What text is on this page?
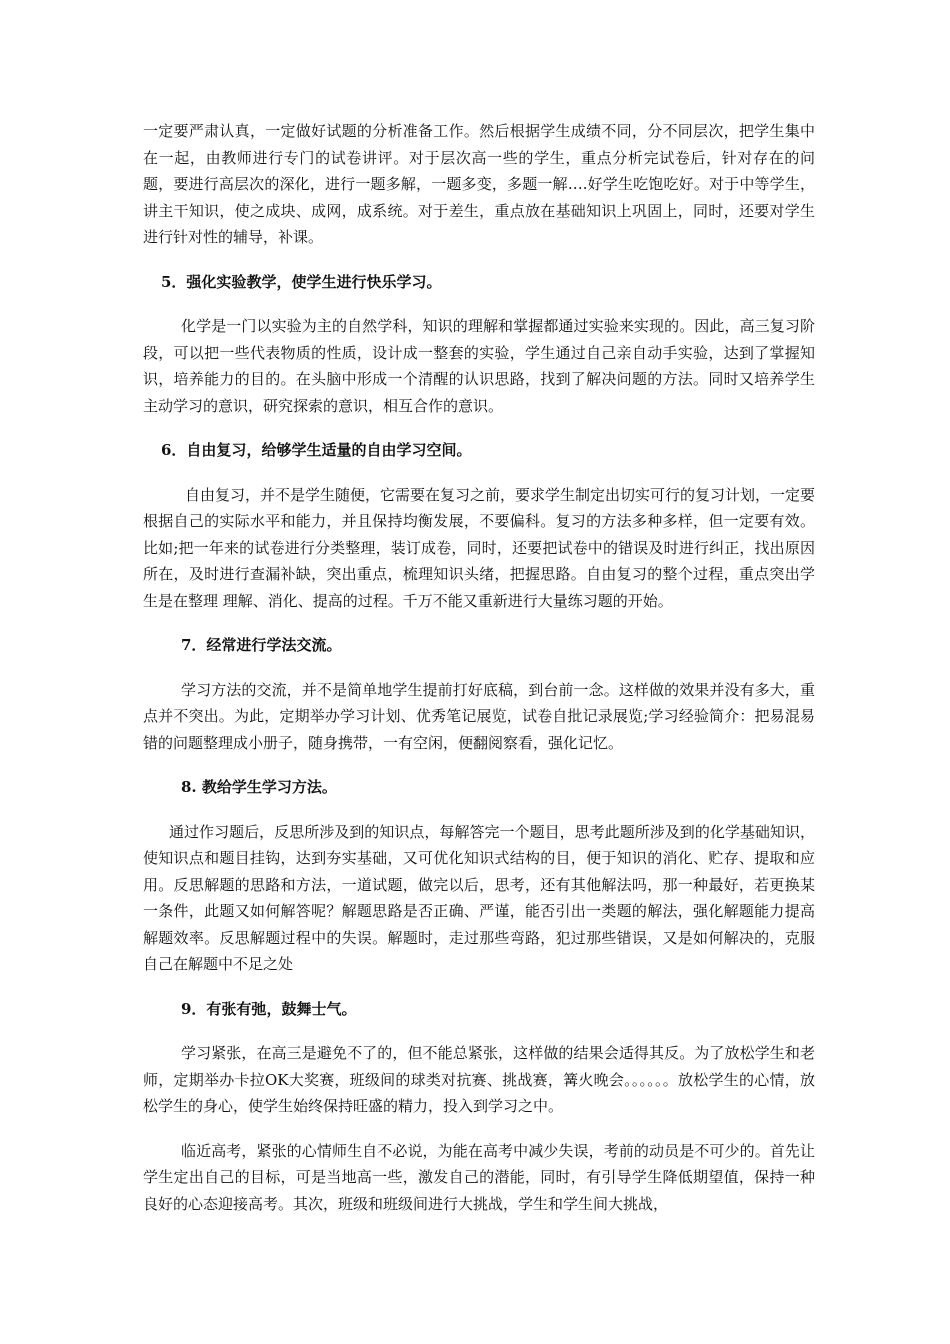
一定要严肃认真，一定做好试题的分析准备工作。然后根据学生成绩不同，分不同层次，把学生集中在一起，由教师进行专门的试卷讲评。对于层次高一些的学生，重点分析完试卷后，针对存在的问题，要进行高层次的深化，进行一题多解，一题多变，多题一解….好学生吃饱吃好。对于中等学生，讲主干知识，使之成块、成网，成系统。对于差生，重点放在基础知识上巩固上，同时，还要对学生进行针对性的辅导，补课。

5．强化实验教学，使学生进行快乐学习。

化学是一门以实验为主的自然学科，知识的理解和掌握都通过实验来实现的。因此，高三复习阶段，可以把一些代表物质的性质，设计成一整套的实验，学生通过自己亲自动手实验，达到了掌握知识，培养能力的目的。在头脑中形成一个清醒的认识思路，找到了解决问题的方法。同时又培养学生主动学习的意识，研究探索的意识，相互合作的意识。

6．自由复习，给够学生适量的自由学习空间。

自由复习，并不是学生随便，它需要在复习之前，要求学生制定出切实可行的复习计划，一定要根据自己的实际水平和能力，并且保持均衡发展，不要偏科。复习的方法多种多样，但一定要有效。比如;把一年来的试卷进行分类整理，装订成卷，同时，还要把试卷中的错误及时进行纠正，找出原因所在，及时进行查漏补缺，突出重点，梳理知识头绪，把握思路。自由复习的整个过程，重点突出学生是在整理 理解、消化、提高的过程。千万不能又重新进行大量练习题的开始。

7．经常进行学法交流。

学习方法的交流，并不是简单地学生提前打好底稿，到台前一念。这样做的效果并没有多大，重点并不突出。为此，定期举办学习计划、优秀笔记展览，试卷自批记录展览;学习经验简介：把易混易错的问题整理成小册子，随身携带，一有空闲，便翻阅察看，强化记忆。

8. 教给学生学习方法。

通过作习题后，反思所涉及到的知识点，每解答完一个题目，思考此题所涉及到的化学基础知识，使知识点和题目挂钩，达到夯实基础，又可优化知识式结构的目，便于知识的消化、贮存、提取和应用。反思解题的思路和方法，一道试题，做完以后，思考，还有其他解法吗，那一种最好，若更换某一条件，此题又如何解答呢？解题思路是否正确、严谨，能否引出一类题的解法，强化解题能力提高解题效率。反思解题过程中的失误。解题时，走过那些弯路，犯过那些错误，又是如何解决的，克服自己在解题中不足之处

9．有张有弛，鼓舞士气。

学习紧张，在高三是避免不了的，但不能总紧张，这样做的结果会适得其反。为了放松学生和老师，定期举办卡拉OK大奖赛，班级间的球类对抗赛、挑战赛，篝火晚会。。。。。。放松学生的心情，放松学生的身心，使学生始终保持旺盛的精力，投入到学习之中。

临近高考，紧张的心情师生自不必说，为能在高考中减少失误，考前的动员是不可少的。首先让学生定出自己的目标，可是当地高一些，激发自己的潜能，同时，有引导学生降低期望值，保持一种良好的心态迎接高考。其次，班级和班级间进行大挑战，学生和学生间大挑战，
